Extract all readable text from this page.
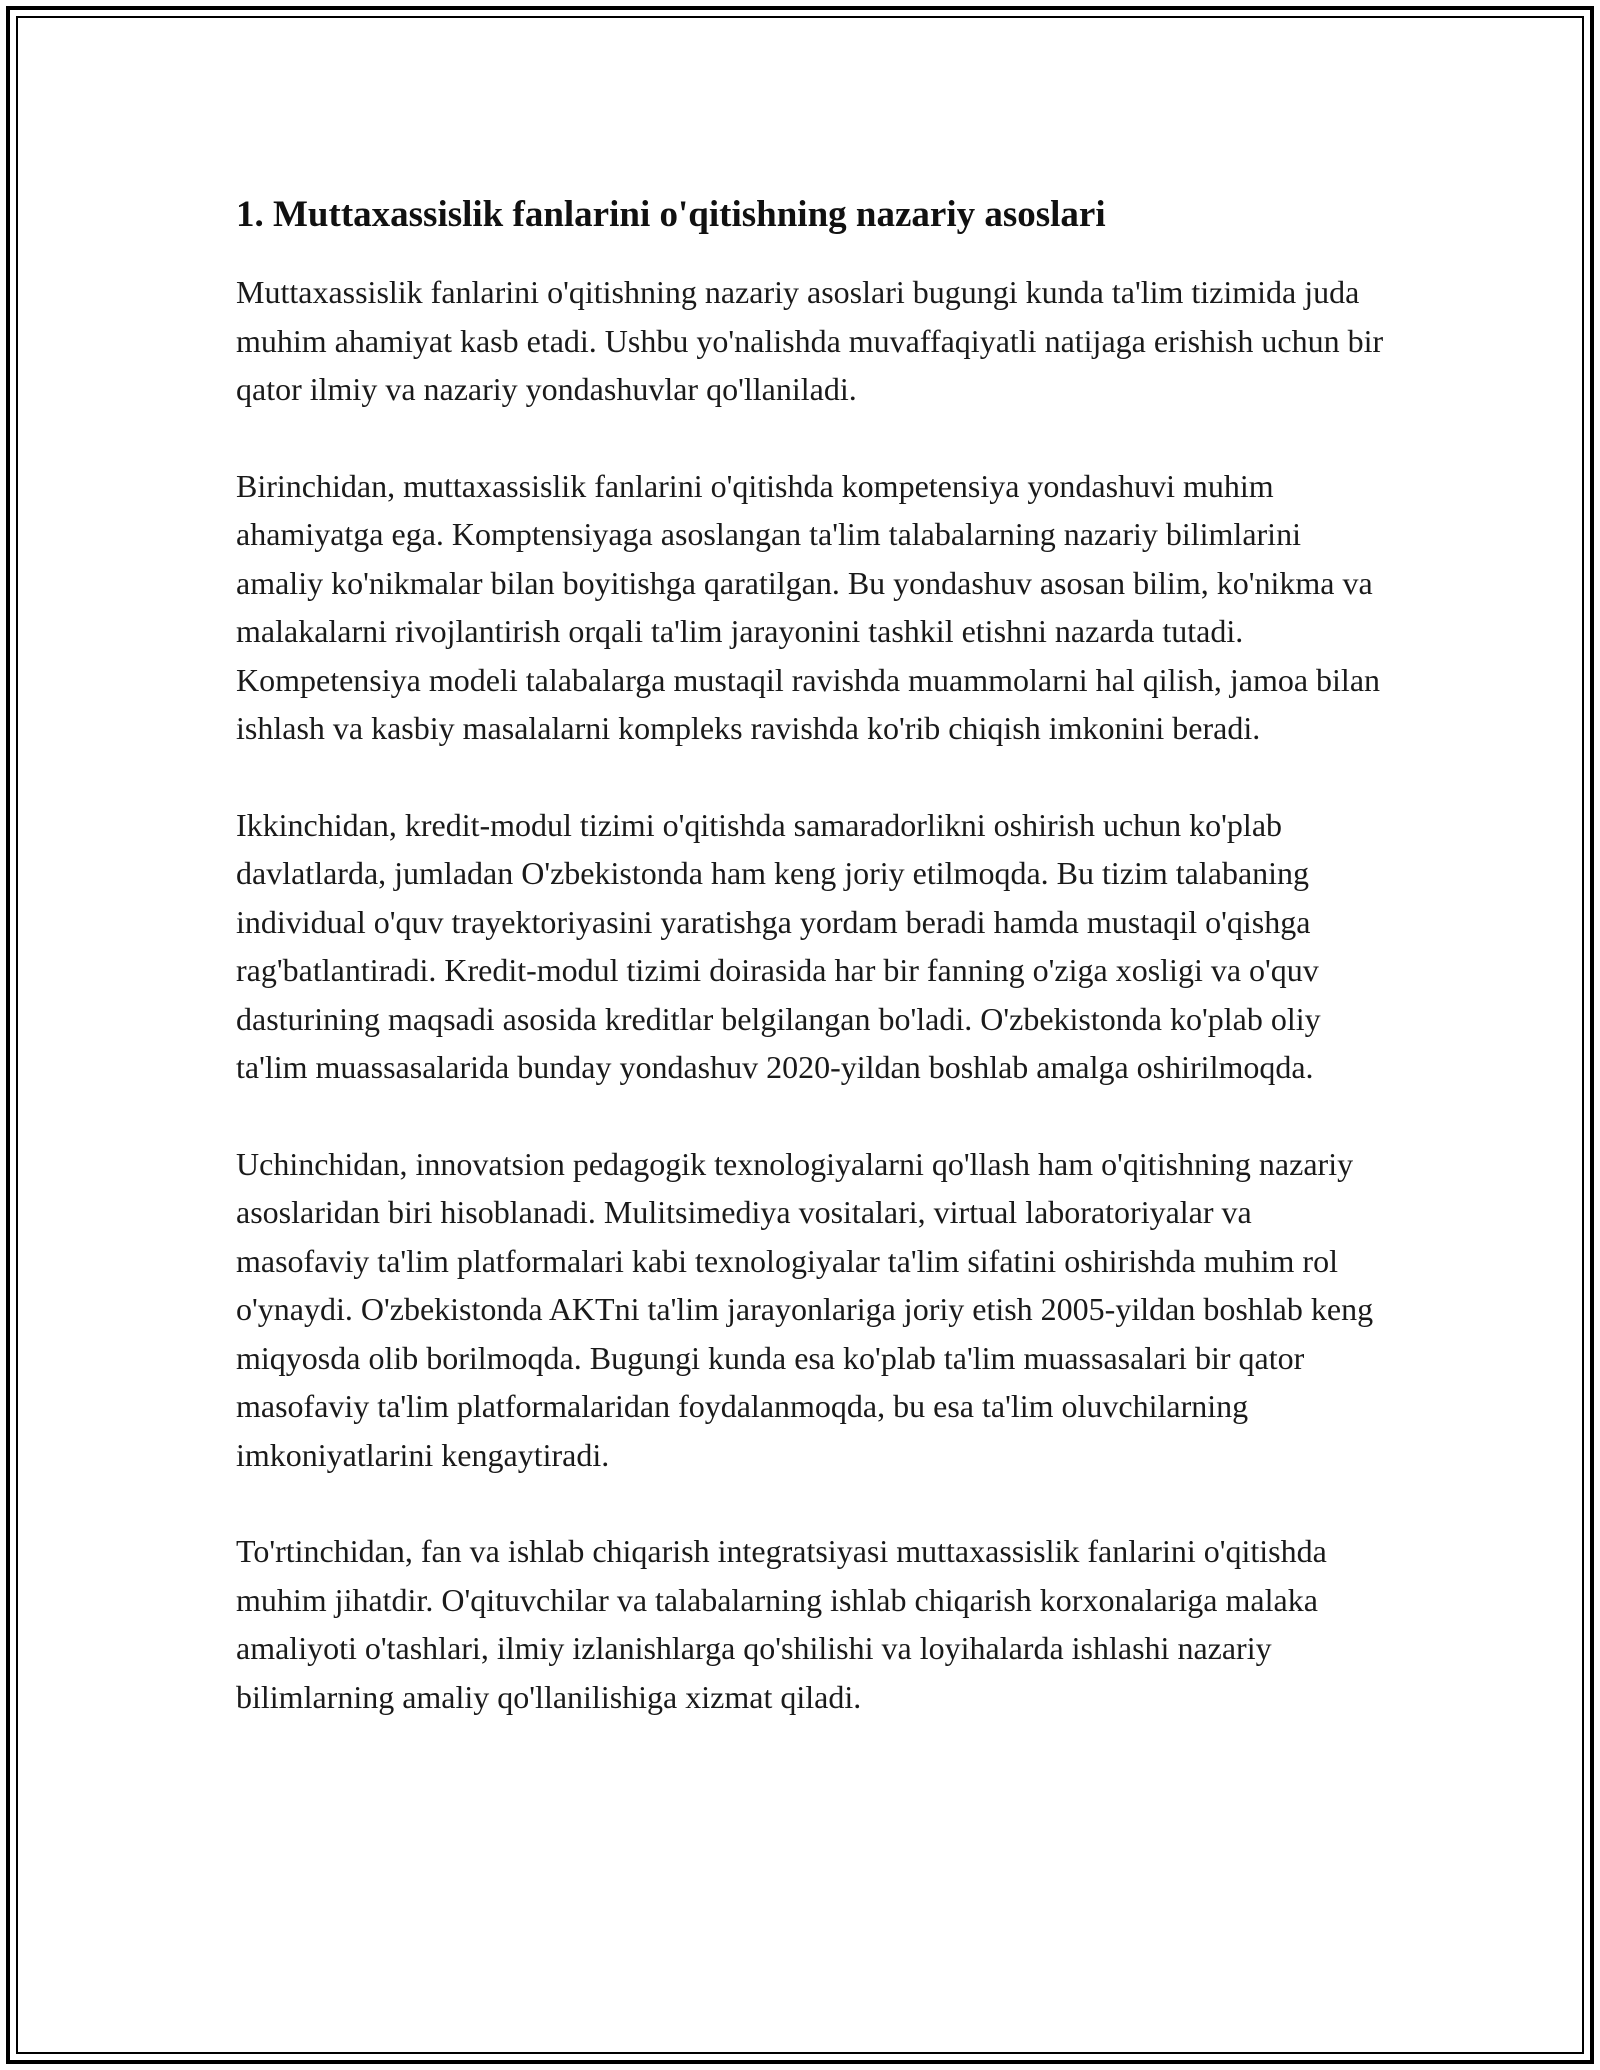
1. Muttaxassislik fanlarini o'qitishning nazariy asoslari

Muttaxassislik fanlarini o'qitishning nazariy asoslari bugungi kunda ta'lim tizimida juda muhim ahamiyat kasb etadi. Ushbu yo'nalishda muvaffaqiyatli natijaga erishish uchun bir qator ilmiy va nazariy yondashuvlar qo'llaniladi.

Birinchidan, muttaxassislik fanlarini o'qitishda kompetensiya yondashuvi muhim ahamiyatga ega. Komptensiyaga asoslangan ta'lim talabalarning nazariy bilimlarini amaliy ko'nikmalar bilan boyitishga qaratilgan. Bu yondashuv asosan bilim, ko'nikma va malakalarni rivojlantirish orqali ta'lim jarayonini tashkil etishni nazarda tutadi. Kompetensiya modeli talabalarga mustaqil ravishda muammolarni hal qilish, jamoa bilan ishlash va kasbiy masalalarni kompleks ravishda ko'rib chiqish imkonini beradi.

Ikkinchidan, kredit-modul tizimi o'qitishda samaradorlikni oshirish uchun ko'plab davlatlarda, jumladan O'zbekistonda ham keng joriy etilmoqda. Bu tizim talabaning individual o'quv trayektoriyasini yaratishga yordam beradi hamda mustaqil o'qishga rag'batlantiradi. Kredit-modul tizimi doirasida har bir fanning o'ziga xosligi va o'quv dasturining maqsadi asosida kreditlar belgilangan bo'ladi. O'zbekistonda ko'plab oliy ta'lim muassasalarida bunday yondashuv 2020-yildan boshlab amalga oshirilmoqda.

Uchinchidan, innovatsion pedagogik texnologiyalarni qo'llash ham o'qitishning nazariy asoslaridan biri hisoblanadi. Mulitsimediya vositalari, virtual laboratoriyalar va masofaviy ta'lim platformalari kabi texnologiyalar ta'lim sifatini oshirishda muhim rol o'ynaydi. O'zbekistonda AKTni ta'lim jarayonlariga joriy etish 2005-yildan boshlab keng miqyosda olib borilmoqda. Bugungi kunda esa ko'plab ta'lim muassasalari bir qator masofaviy ta'lim platformalaridan foydalanmoqda, bu esa ta'lim oluvchilarning imkoniyatlarini kengaytiradi.

To'rtinchidan, fan va ishlab chiqarish integratsiyasi muttaxassislik fanlarini o'qitishda muhim jihatdir. O'qituvchilar va talabalarning ishlab chiqarish korxonalariga malaka amaliyoti o'tashlari, ilmiy izlanishlarga qo'shilishi va loyihalarda ishlashi nazariy bilimlarning amaliy qo'llanilishiga xizmat qiladi.
